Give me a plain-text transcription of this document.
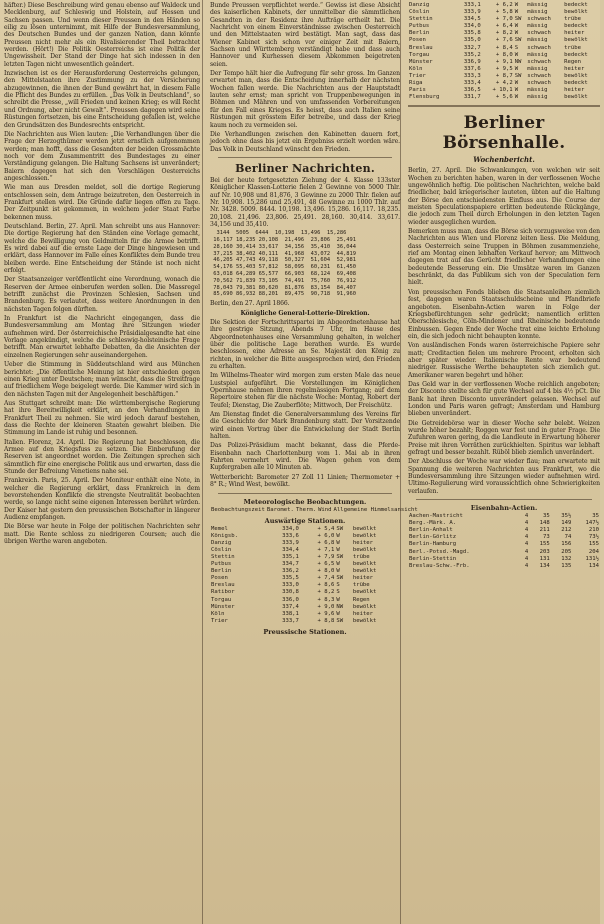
häfter.) Diese Beschreibung wird genau ebenso auf Waldeck und Mecklenburg, auf Schleswig und Holstein, auf Hessen und Sachsen passen. Und wenn dieser Preussen in den Händen so eilig zu lösen unternimmt, mit Hilfe der Bundesversammlung, des Deutschen Bundes und der ganzen Nation, dann könnte Preussen nicht mehr als ein Rivalisierender Theil betrachtet werden. (Hört!) Die Politik Oesterreichs ist eine Politik der Ungewissheit. Der Stand der Dinge hat sich indessen in den letzten Tagen nicht unwesentlich geändert.

Inzwischen ist es der Herausforderung Oesterreichs gelungen, den Mittelstaaten ihre Zustimmung zu der Versicherung abzugewinnen, die ihnen der Bund gewährt hat, in diesem Falle die Pflicht des Bundes zu erfüllen. „Das Volk in Deutschland“, so schreibt die Presse, „will Frieden und keinen Krieg; es will Recht und Ordnung, aber nicht Gewalt“. Preussen dagegen wird seine Rüstungen fortsetzen, bis eine Entscheidung gefallen ist, welche den Grundsätzen des Bundesrechts entspricht.

Die Nachrichten aus Wien lauten: „Die Verhandlungen über die Frage der Herzogthümer werden jetzt ernstlich aufgenommen werden; man hofft, dass die Gesandten der beiden Grossmächte noch vor dem Zusammentritt des Bundestages zu einer Verständigung gelangen. Die Haltung Sachsens ist unverändert; Baiern dagegen hat sich den Vorschlägen Oesterreichs angeschlossen.“

Wie man aus Dresden meldet, soll die dortige Regierung entschlossen sein, dem Antrage beizutreten, den Oesterreich in Frankfurt stellen wird. Die Gründe dafür liegen offen zu Tage. Der Zeitpunkt ist gekommen, in welchem jeder Staat Farbe bekennen muss.

Deutschland. Berlin, 27. April. Man schreibt uns aus Hannover: Die dortige Regierung hat den Ständen eine Vorlage gemacht, welche die Bewilligung von Geldmitteln für die Armee betrifft. Es wird dabei auf die ernste Lage der Dinge hingewiesen und erklärt, dass Hannover im Falle eines Konfliktes dem Bunde treu bleiben werde. Eine Entscheidung der Stände ist noch nicht erfolgt.

Der Staatsanzeiger veröffentlicht eine Verordnung, wonach die Reserven der Armee einberufen werden sollen. Die Massregel betrifft zunächst die Provinzen Schlesien, Sachsen und Brandenburg. Es verlautet, dass weitere Anordnungen in den nächsten Tagen folgen dürften.

In Frankfurt ist die Nachricht eingegangen, dass die Bundesversammlung am Montag ihre Sitzungen wieder aufnehmen wird. Der österreichische Präsidialgesandte hat eine Vorlage angekündigt, welche die schleswig-holsteinische Frage betrifft. Man erwartet lebhafte Debatten, da die Ansichten der einzelnen Regierungen sehr auseinandergehen.

Ueber die Stimmung in Süddeutschland wird aus München berichtet: „Die öffentliche Meinung ist hier entschieden gegen einen Krieg unter Deutschen; man wünscht, dass die Streitfrage auf friedlichem Wege beigelegt werde. Die Kammer wird sich in den nächsten Tagen mit der Angelegenheit beschäftigen.“

Aus Stuttgart schreibt man: Die württembergische Regierung hat ihre Bereitwilligkeit erklärt, an den Verhandlungen in Frankfurt Theil zu nehmen. Sie wird jedoch darauf bestehen, dass die Rechte der kleineren Staaten gewahrt bleiben. Die Stimmung im Lande ist ruhig und besonnen.

Italien. Florenz, 24. April. Die Regierung hat beschlossen, die Armee auf den Kriegsfuss zu setzen. Die Einberufung der Reserven ist angeordnet worden. Die Zeitungen sprechen sich sämmtlich für eine energische Politik aus und erwarten, dass die Stunde der Befreiung Venetiens nahe sei.

Frankreich. Paris, 25. April. Der Moniteur enthält eine Note, in welcher die Regierung erklärt, dass Frankreich in dem bevorstehenden Konflikte die strengste Neutralität beobachten werde, so lange nicht seine eigenen Interessen berührt würden. Der Kaiser hat gestern den preussischen Botschafter in längerer Audienz empfangen.

Die Börse war heute in Folge der politischen Nachrichten sehr matt. Die Rente schloss zu niedrigeren Coursen; auch die übrigen Werthe waren angeboten.

Bunde Preussen verpflichtet werde.“ Gewiss ist diese Absicht des kaiserlichen Kabinets, der unmittelbar die sämmtlichen Gesandten in der Residenz ihre Aufträge ertheilt hat. Die Nachricht von einem Einverständnisse zwischen Oesterreich und den Mittelstaaten wird bestätigt. Man sagt, dass das Wiener Kabinet sich schon vor einiger Zeit mit Baiern, Sachsen und Württemberg verständigt habe und dass auch Hannover und Kurhessen diesem Abkommen beigetreten seien.

Der Tempo hält hier die Aufregung für sehr gross. Im Ganzen erwartet man, dass die Entscheidung innerhalb der nächsten Wochen fallen werde. Die Nachrichten aus der Hauptstadt lauten sehr ernst; man spricht von Truppenbewegungen in Böhmen und Mähren und von umfassenden Vorbereitungen für den Fall eines Krieges. Es heisst, dass auch Italien seine Rüstungen mit grösstem Eifer betreibe, und dass der Krieg kaum noch zu vermeiden sei.

Die Verhandlungen zwischen den Kabinetten dauern fort, jedoch ohne dass bis jetzt ein Ergebniss erzielt worden wäre. Das Volk in Deutschland wünscht den Frieden.

Berliner Nachrichten.

Bei der heute fortgesetzten Ziehung der 4. Klasse 133ster Königlicher Klassen-Lotterie fielen 2 Gewinne von 5000 Thlr. auf Nr. 10,908 und 81,876, 3 Gewinne zu 2000 Thlr. fielen auf Nr. 10,908. 15,286 und 25,491, 48 Gewinne zu 1000 Thlr. auf Nr. 3428. 5009. 8444. 10,198. 13,496. 15,286. 16,117. 18,235. 20,108. 21,496. 23,806. 25,491. 28,160. 30,414. 33,617. 34,156 und 35,410.

3144  5005  6444  10,198  13,496  15,286
16,117 18,235 20,108  21,496  23,806  25,491
28,160 30,414 33,617  34,156  35,410  36,044
37,215 38,402 40,111  41,968  43,072  44,819
46,205 47,743 49,118  50,327  51,604  52,981
54,176 55,403 57,812  58,095  60,231  61,450
63,018 64,289 65,577  66,903  68,124  69,408
70,562 71,839 73,105  74,491  75,760  76,912
78,043 79,381 80,620  81,876  83,154  84,407
85,690 86,932 88,201  89,475  90,718  91,960

Berlin, den 27. April 1866.

Königliche General-Lotterie-Direktion.

Die Sektion der Fortschrittspartei im Abgeordnetenhause hat ihre gestrige Sitzung, Abends 7 Uhr, im Hause des Abgeordnetenhauses eine Versammlung gehalten, in welcher über die politische Lage berathen wurde. Es wurde beschlossen, eine Adresse an Se. Majestät den König zu richten, in welcher die Bitte ausgesprochen wird, den Frieden zu erhalten.

Im Wilhelms-Theater wird morgen zum ersten Male das neue Lustspiel aufgeführt. Die Vorstellungen im Königlichen Opernhause nehmen ihren regelmässigen Fortgang; auf dem Repertoire stehen für die nächste Woche: Montag, Robert der Teufel; Dienstag, Die Zauberflöte; Mittwoch, Der Freischütz.

Am Dienstag findet die Generalversammlung des Vereins für die Geschichte der Mark Brandenburg statt. Der Vorsitzende wird einen Vortrag über die Entwickelung der Stadt Berlin halten.

Das Polizei-Präsidium macht bekannt, dass die Pferde-Eisenbahn nach Charlottenburg vom 1. Mai ab in ihren Fahrten vermehrt wird. Die Wagen gehen von dem Kupfergraben alle 10 Minuten ab.

Wetterbericht: Barometer 27 Zoll 11 Linien; Thermometer + 8° R.; Wind West, bewölkt.

Meteorologische Beobachtungen.
Beobachtungszeit	Baromet.	Therm.	Wind	Allgemeine Himmelsansicht
Auswärtige Stationen.
Memel	334,0	+ 5,4	SW	bewölkt
Königsb.	333,6	+ 6,0	W	bewölkt
Danzig	333,9	+ 6,8	W	heiter
Cöslin	334,4	+ 7,1	W	bewölkt
Stettin	335,1	+ 7,9	SW	trübe
Putbus	334,7	+ 6,5	W	bewölkt
Berlin	336,2	+ 8,0	W	bewölkt
Posen	335,5	+ 7,4	SW	heiter
Breslau	333,0	+ 8,6	S	trübe
Ratibor	330,8	+ 8,2	S	bewölkt
Torgau	336,0	+ 8,3	W	Regen
Münster	337,4	+ 9,0	NW	bewölkt
Köln	338,1	+ 9,6	W	heiter
Trier	333,7	+ 8,8	SW	bewölkt
Preussische Stationen.
Danzig	333,1	+ 6,2	W	mässig	bedeckt
Cöslin	333,9	+ 5,8	W	mässig	bewölkt
Stettin	334,5	+ 7,0	SW	schwach	trübe
Putbus	334,0	+ 6,4	W	mässig	bedeckt
Berlin	335,8	+ 8,2	W	schwach	heiter
Posen	335,0	+ 7,6	SW	mässig	bewölkt
Breslau	332,7	+ 8,4	S	schwach	trübe
Torgau	335,2	+ 8,0	W	mässig	bedeckt
Münster	336,9	+ 9,1	NW	schwach	Regen
Köln	337,6	+ 9,5	W	mässig	heiter
Trier	333,3	+ 8,7	SW	schwach	bewölkt
Riga	333,4	+ 4,2	W	schwach	bedeckt
Paris	336,5	+ 10,1	W	mässig	heiter
Flensburg	331,7	+ 5,6	W	mässig	bewölkt
Berliner Börsenhalle.
Wochenbericht.

Berlin, 27. April. Die Schwankungen, von welchen wir seit Wochen zu berichten haben, waren in der verflossenen Woche ungewöhnlich heftig. Die politischen Nachrichten, welche bald friedlicher, bald kriegerischer lauteten, übten auf die Haltung der Börse den entschiedensten Einfluss aus. Die Course der meisten Speculationspapiere erlitten bedeutende Rückgänge, die jedoch zum Theil durch Erholungen in den letzten Tagen wieder ausgeglichen wurden.

Bemerken muss man, dass die Börse sich vorzugsweise von den Nachrichten aus Wien und Florenz leiten liess. Die Meldung, dass Oesterreich seine Truppen in Böhmen zusammenziehe, rief am Montag einen lebhaften Verkauf hervor; am Mittwoch dagegen trat auf das Gerücht friedlicher Verhandlungen eine bedeutende Besserung ein. Die Umsätze waren im Ganzen beschränkt, da das Publikum sich von der Speculation fern hielt.

Von preussischen Fonds blieben die Staatsanleihen ziemlich fest, dagegen waren Staatsschuldscheine und Pfandbriefe angeboten. Eisenbahn-Actien waren in Folge der Kriegsbefürchtungen sehr gedrückt; namentlich erlitten Oberschlesische, Cöln-Mindener und Rheinische bedeutende Einbussen. Gegen Ende der Woche trat eine leichte Erholung ein, die sich jedoch nicht behaupten konnte.

Von ausländischen Fonds waren österreichische Papiere sehr matt; Creditactien fielen um mehrere Procent, erholten sich aber später wieder. Italienische Rente war bedeutend niedriger. Russische Werthe behaupteten sich ziemlich gut. Amerikaner waren begehrt und höher.

Das Geld war in der verflossenen Woche reichlich angeboten; der Disconto stellte sich für gute Wechsel auf 4 bis 4½ pCt. Die Bank hat ihren Disconto unverändert gelassen. Wechsel auf London und Paris waren gefragt; Amsterdam und Hamburg blieben unverändert.

Die Getreidebörse war in dieser Woche sehr belebt. Weizen wurde höher bezahlt; Roggen war fest und in guter Frage. Die Zufuhren waren gering, da die Landleute in Erwartung höherer Preise mit ihren Vorräthen zurückhielten. Spiritus war lebhaft gefragt und besser bezahlt. Rüböl blieb ziemlich unverändert.

Der Abschluss der Woche war wieder flau; man erwartete mit Spannung die weiteren Nachrichten aus Frankfurt, wo die Bundesversammlung ihre Sitzungen wieder aufnehmen wird. Ultimo-Regulierung wird voraussichtlich ohne Schwierigkeiten verlaufen.

Eisenbahn-Actien.
Aachen-Mastricht	4	35	35½	35
Berg.-Märk. A.	4	148	149	147½
Berlin-Anhalt	4	211	212	210
Berlin-Görlitz	4	73	74	73½
Berlin-Hamburg	4	155	156	155
Berl.-Potsd.-Magd.	4	203	205	204
Berlin-Stettin	4	131	132	131½
Breslau-Schw.-Frb.	4	134	135	134
